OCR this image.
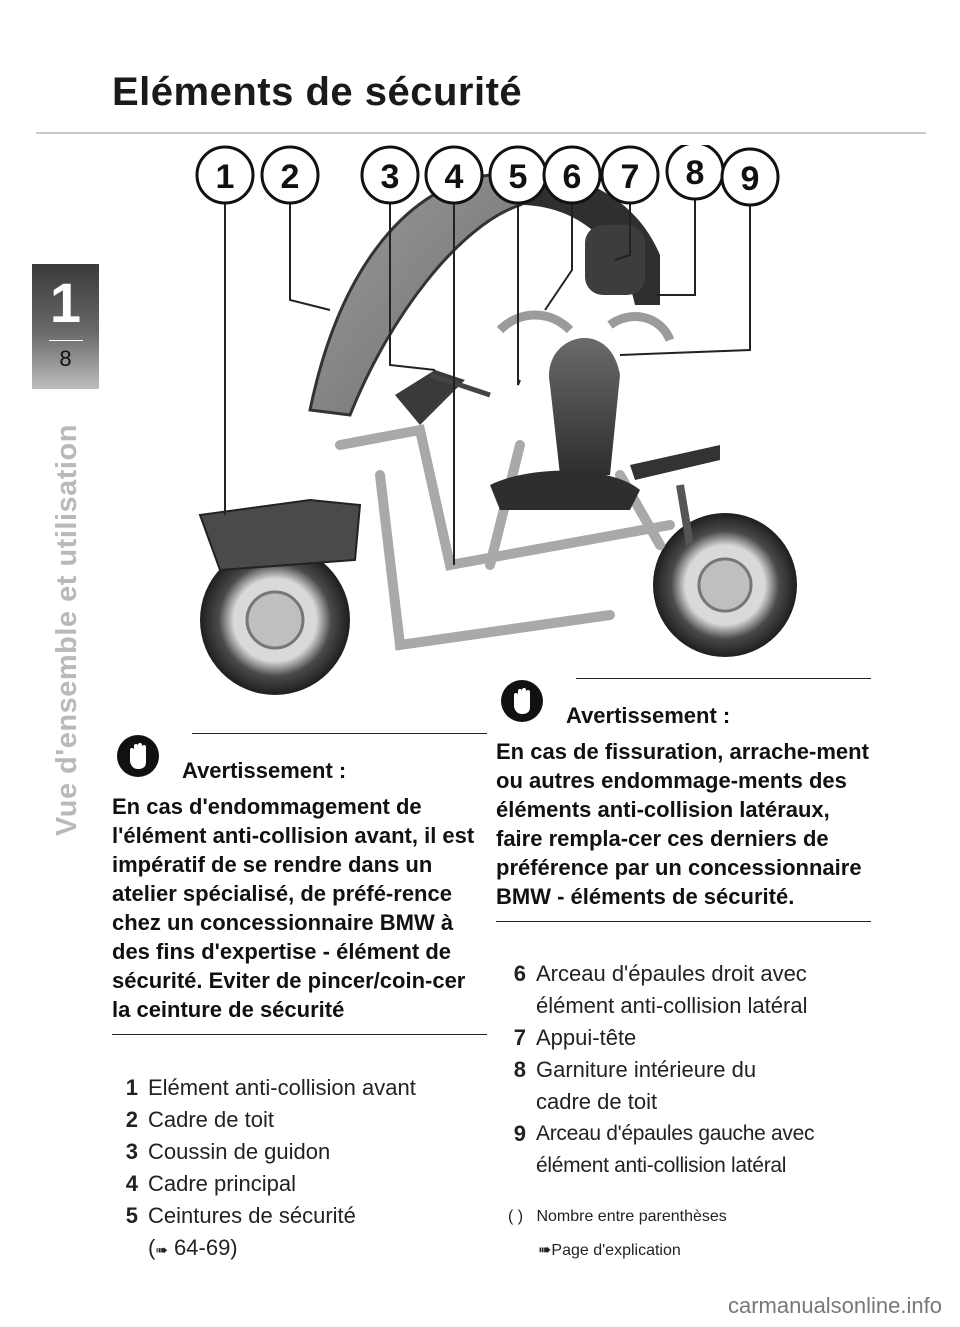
Eléments de sécurité
1
8
Vue d'ensemble et utilisation
1 2 3 4 5 6 7 8 9
Avertissement :
En cas de fissuration, arrache-ment ou autres endommage-ments des éléments anti-collision latéraux, faire rempla-cer ces derniers de préférence par un concessionnaire BMW - éléments de sécurité.
Avertissement :
En cas d'endommagement de l'élément anti-collision avant, il est impératif de se rendre dans un atelier spécialisé, de préfé-rence chez un concessionnaire BMW à des fins d'expertise - élément de sécurité. Eviter de pincer/coin-cer la ceinture de sécurité
1 Elément anti-collision avant
2 Cadre de toit
3 Coussin de guidon
4 Cadre principal
5 Ceintures de sécurité
(➠ 64-69)
6 Arceau d'épaules droit avec
élément anti-collision latéral
7 Appui-tête
8 Garniture intérieure du
cadre de toit
9 Arceau d'épaules gauche avec
élément anti-collision latéral
( ) Nombre entre parenthèses
➠Page d'explication
carmanualsonline.info
